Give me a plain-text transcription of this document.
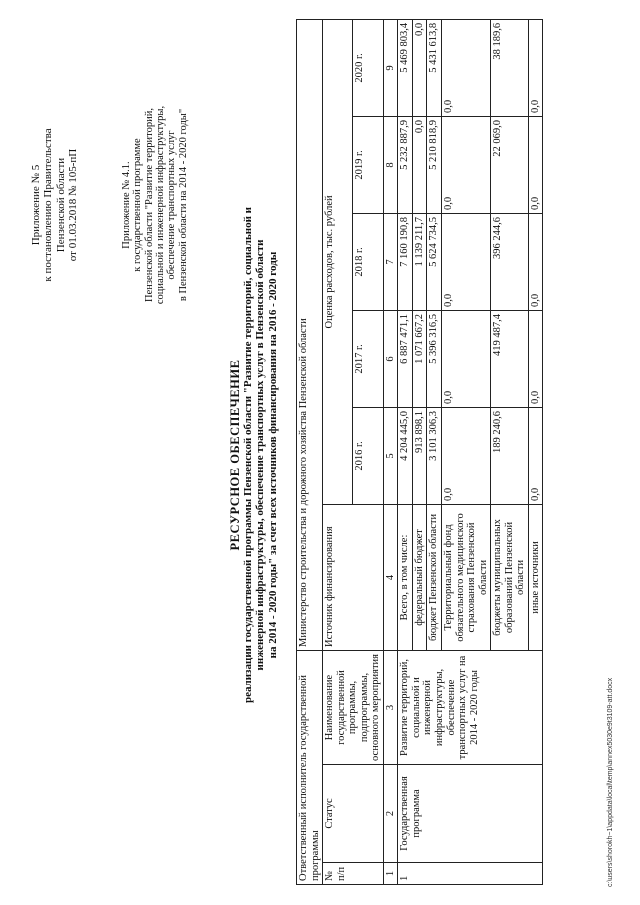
Приложение № 5 к постановлению Правительства Пензенской области от 01.03.2018 № 105-пП	Приложение № 4.1. к государственной программе Пензенской области "Развитие территорий, социальной и инженерной инфраструктуры, обеспечение транспортных услуг в Пензенской области на 2014 - 2020 годы"
РЕСУРСНОЕ ОБЕСПЕЧЕНИЕ реализации государственной программы Пензенской области "Развитие территорий, социальной и инженерной инфраструктуры, обеспечение транспортных услуг в Пензенской области на 2014 - 2020 годы" за счет всех источников финансирования на 2016 - 2020 годы
Ответственный исполнитель государственной программы			Министерство строительства и дорожного хозяйства Пензенской области					
№ п/п	Статус	Наименование государственной программы, подпрограммы, основного мероприятия	Источник финансирования	Оценка расходов, тыс. рублей				
				2016 г.	2017 г.	2018 г.	2019 г.	2020 г.
1	2	3	4	5	6	7	8	9
1	Государственная программа	Развитие территорий, социальной и инженерной инфраструктуры, обеспечение транспортных услуг на 2014 - 2020 годы	Всего, в том числе:	4 204 445,0	6 887 471,1	7 160 190,8	5 232 887,9	5 469 803,4
			федеральный бюджет	913 898,1	1 071 667,2	1 139 211,7	0,0	0,0
			бюджет Пензенской области	3 101 306,3	5 396 316,5	5 624 734,5	5 210 818,9	5 431 613,8
			Территориальный фонд обязательного медицинского страхования Пензенской области	0,0	0,0	0,0	0,0	0,0
			бюджеты муниципальных образований Пензенской области	189 240,6	419 487,4	396 244,6	22 069,0	38 189,6
			иные источники	0,0	0,0	0,0	0,0	0,0
c:\users\shorokh~1\appdata\local\temp\annex5030e9t3109-att.docx
